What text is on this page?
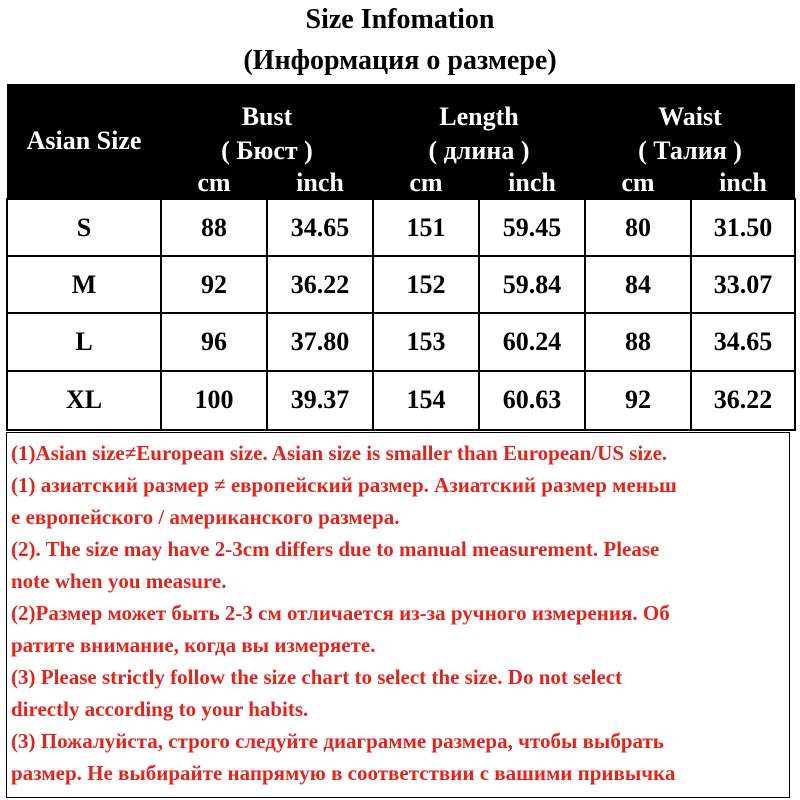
Size Infomation
(Информация о размере)
Asian Size	Bust
( Бюст )		Length
( длина )		Waist
( Талия )	

	cm	inch	cm	inch	cm	inch
S	88	34.65	151	59.45	80	31.50
M	92	36.22	152	59.84	84	33.07
L	96	37.80	153	60.24	88	34.65
XL	100	39.37	154	60.63	92	36.22
(1)Asian size≠European size. Asian size is smaller than European/US size.
(1) азиатский размер ≠ европейский размер. Азиатский размер меньш
е европейского / американского размера.
(2). The size may have 2-3cm differs due to manual measurement. Please
note when you measure.
(2)Размер может быть 2-3 см отличается из-за ручного измерения. Об
ратите внимание, когда вы измеряете.
(3) Please strictly follow the size chart to select the size. Do not select
directly according to your habits.
(3) Пожалуйста, строго следуйте диаграмме размера, чтобы выбрать
размер. Не выбирайте напрямую в соответствии с вашими привычка
